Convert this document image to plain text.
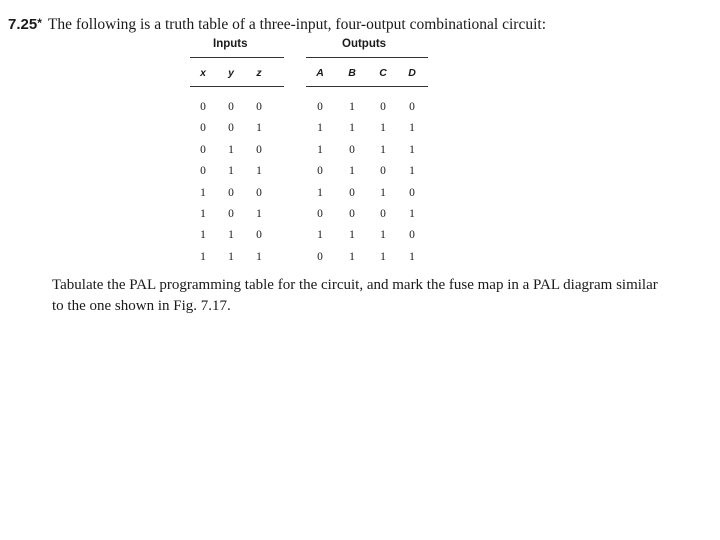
7.25* The following is a truth table of a three-input, four-output combinational circuit:
Inputs	Outputs
x	y	z	A	B	C	D
0	0	0	0	1	0	0
0	0	1	1	1	1	1
0	1	0	1	0	1	1
0	1	1	0	1	0	1
1	0	0	1	0	1	0
1	0	1	0	0	0	1
1	1	0	1	1	1	0
1	1	1	0	1	1	1
Tabulate the PAL programming table for the circuit, and mark the fuse map in a PAL diagram similar to the one shown in Fig. 7.17.
